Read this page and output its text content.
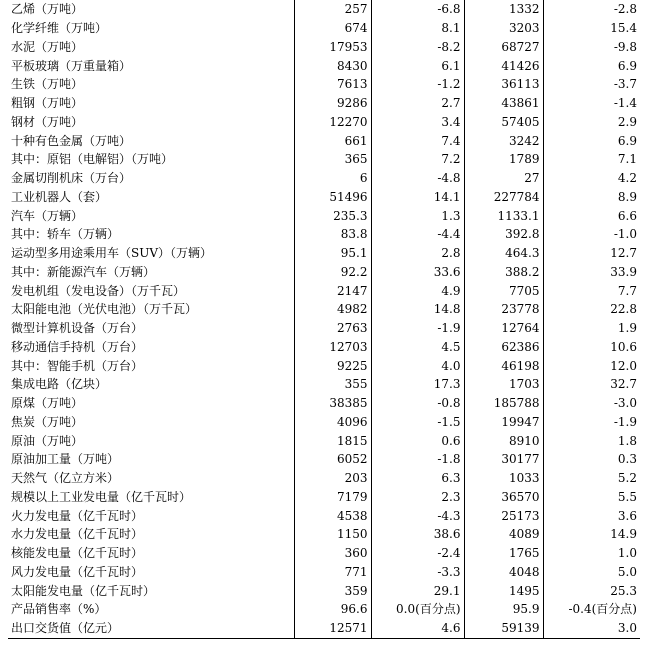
乙烯（万吨）	257	-6.8	1332	-2.8
化学纤维（万吨）	674	8.1	3203	15.4
水泥（万吨）	17953	-8.2	68727	-9.8
平板玻璃（万重量箱）	8430	6.1	41426	6.9
生铁（万吨）	7613	-1.2	36113	-3.7
粗钢（万吨）	9286	2.7	43861	-1.4
钢材（万吨）	12270	3.4	57405	2.9
十种有色金属（万吨）	661	7.4	3242	6.9
其中：原铝（电解铝）（万吨）	365	7.2	1789	7.1
金属切削机床（万台）	6	-4.8	27	4.2
工业机器人（套）	51496	14.1	227784	8.9
汽车（万辆）	235.3	1.3	1133.1	6.6
其中：轿车（万辆）	83.8	-4.4	392.8	-1.0
运动型多用途乘用车（SUV）（万辆）	95.1	2.8	464.3	12.7
其中：新能源汽车（万辆）	92.2	33.6	388.2	33.9
发电机组（发电设备）（万千瓦）	2147	4.9	7705	7.7
太阳能电池（光伏电池）（万千瓦）	4982	14.8	23778	22.8
微型计算机设备（万台）	2763	-1.9	12764	1.9
移动通信手持机（万台）	12703	4.5	62386	10.6
其中：智能手机（万台）	9225	4.0	46198	12.0
集成电路（亿块）	355	17.3	1703	32.7
原煤（万吨）	38385	-0.8	185788	-3.0
焦炭（万吨）	4096	-1.5	19947	-1.9
原油（万吨）	1815	0.6	8910	1.8
原油加工量（万吨）	6052	-1.8	30177	0.3
天然气（亿立方米）	203	6.3	1033	5.2
规模以上工业发电量（亿千瓦时）	7179	2.3	36570	5.5
火力发电量（亿千瓦时）	4538	-4.3	25173	3.6
水力发电量（亿千瓦时）	1150	38.6	4089	14.9
核能发电量（亿千瓦时）	360	-2.4	1765	1.0
风力发电量（亿千瓦时）	771	-3.3	4048	5.0
太阳能发电量（亿千瓦时）	359	29.1	1495	25.3
产品销售率（%）	96.6	0.0(百分点)	95.9	-0.4(百分点)
出口交货值（亿元）	12571	4.6	59139	3.0
